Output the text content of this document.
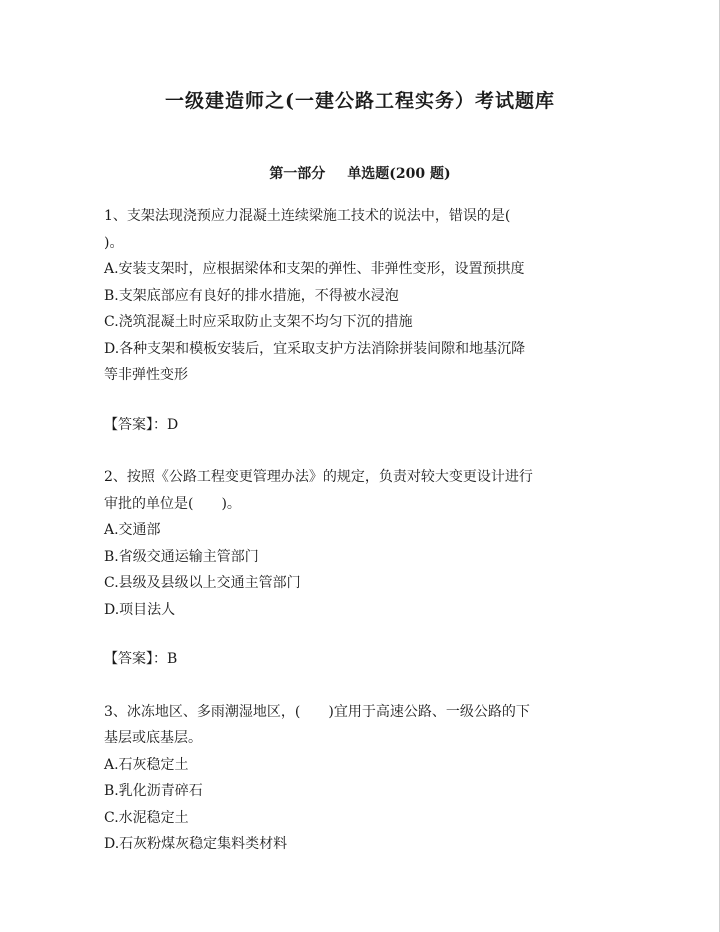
一级建造师之(一建公路工程实务）考试题库
第一部分 单选题(200 题)
1、支架法现浇预应力混凝土连续梁施工技术的说法中，错误的是(
)。
A.安装支架时，应根据梁体和支架的弹性、非弹性变形，设置预拱度
B.支架底部应有良好的排水措施，不得被水浸泡
C.浇筑混凝土时应采取防止支架不均匀下沉的措施
D.各种支架和模板安装后，宜采取支护方法消除拼装间隙和地基沉降
等非弹性变形
【答案】：D
2、按照《公路工程变更管理办法》的规定，负责对较大变更设计进行
审批的单位是(　　)。
A.交通部
B.省级交通运输主管部门
C.县级及县级以上交通主管部门
D.项目法人
【答案】：B
3、冰冻地区、多雨潮湿地区，(　　)宜用于高速公路、一级公路的下
基层或底基层。
A.石灰稳定土
B.乳化沥青碎石
C.水泥稳定土
D.石灰粉煤灰稳定集料类材料
